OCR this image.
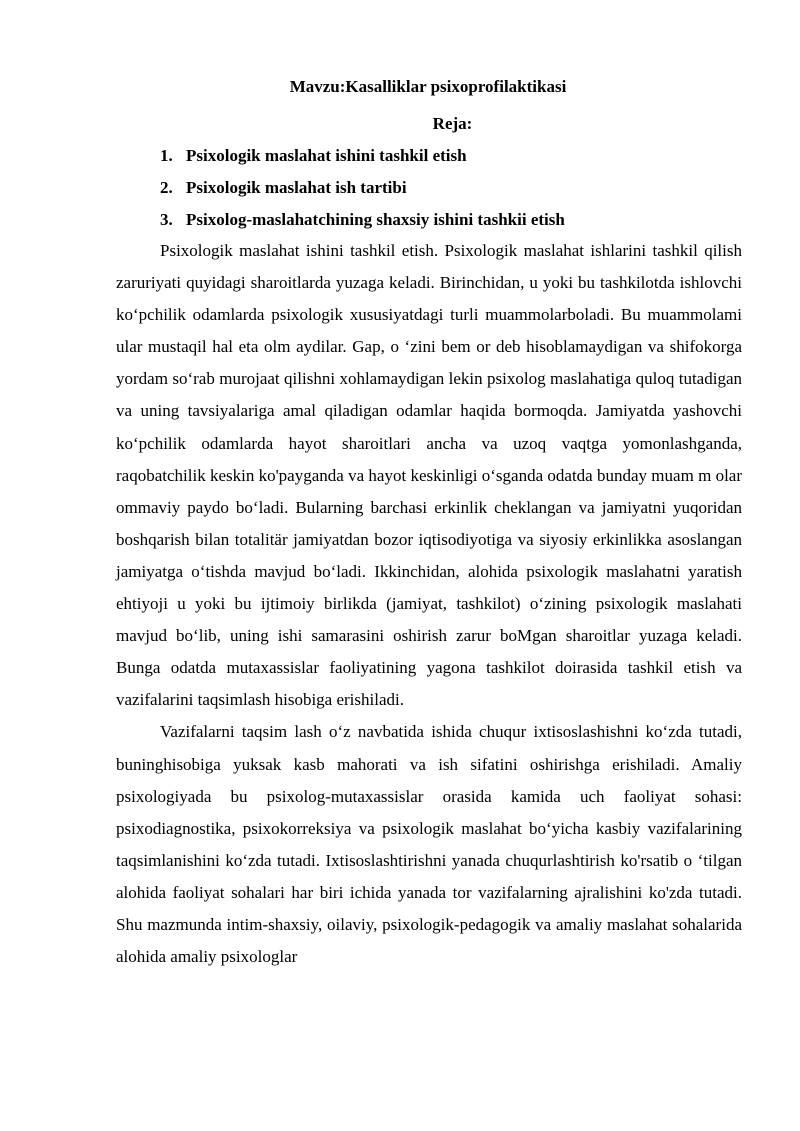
Mavzu:Kasalliklar psixoprofilaktikasi
Reja:
1. Psixologik maslahat ishini tashkil etish
2. Psixologik maslahat ish tartibi
3. Psixolog-maslahatchining shaxsiy ishini tashkii etish

Psixologik maslahat ishini tashkil etish. Psixologik maslahat ishlarini tashkil qilish zaruriyati quyidagi sharoitlarda yuzaga keladi. Birinchidan, u yoki bu tashkilotda ishlovchi ko‘pchilik odamlarda psixologik xususiyatdagi turli muammolarboladi. Bu muammolami ular mustaqil hal eta olm aydilar. Gap, o ‘zini bem or deb hisoblamaydigan va shifokorga yordam so‘rab murojaat qilishni xohlamaydigan lekin psixolog maslahatiga quloq tutadigan va uning tavsiyalariga amal qiladigan odamlar haqida bormoqda. Jamiyatda yashovchi ko‘pchilik odamlarda hayot sharoitlari ancha va uzoq vaqtga yomonlashganda, raqobatchilik keskin ko'payganda va hayot keskinligi o‘sganda odatda bunday muam m olar ommaviy paydo bo‘ladi. Bularning barchasi erkinlik cheklangan va jamiyatni yuqoridan boshqarish bilan totalitär jamiyatdan bozor iqtisodiyotiga va siyosiy erkinlikka asoslangan jamiyatga o‘tishda mavjud bo‘ladi. Ikkinchidan, alohida psixologik maslahatni yaratish ehtiyoji u yoki bu ijtimoiy birlikda (jamiyat, tashkilot) o‘zining psixologik maslahati mavjud bo‘lib, uning ishi samarasini oshirish zarur boMgan sharoitlar yuzaga keladi. Bunga odatda mutaxassislar faoliyatining yagona tashkilot doirasida tashkil etish va vazifalarini taqsimlash hisobiga erishiladi.

Vazifalarni taqsim lash o‘z navbatida ishida chuqur ixtisoslashishni ko‘zda tutadi, buninghisobiga yuksak kasb mahorati va ish sifatini oshirishga erishiladi. Amaliy psixologiyada bu psixolog-mutaxassislar orasida kamida uch faoliyat sohasi: psixodiagnostika, psixokorreksiya va psixologik maslahat bo‘yicha kasbiy vazifalarining taqsimlanishini ko‘zda tutadi. Ixtisoslashtirishni yanada chuqurlashtirish ko'rsatib o ‘tilgan alohida faoliyat sohalari har biri ichida yanada tor vazifalarning ajralishini ko'zda tutadi. Shu mazmunda intim-shaxsiy, oilaviy, psixologik-pedagogik va amaliy maslahat sohalarida alohida amaliy psixologlar
